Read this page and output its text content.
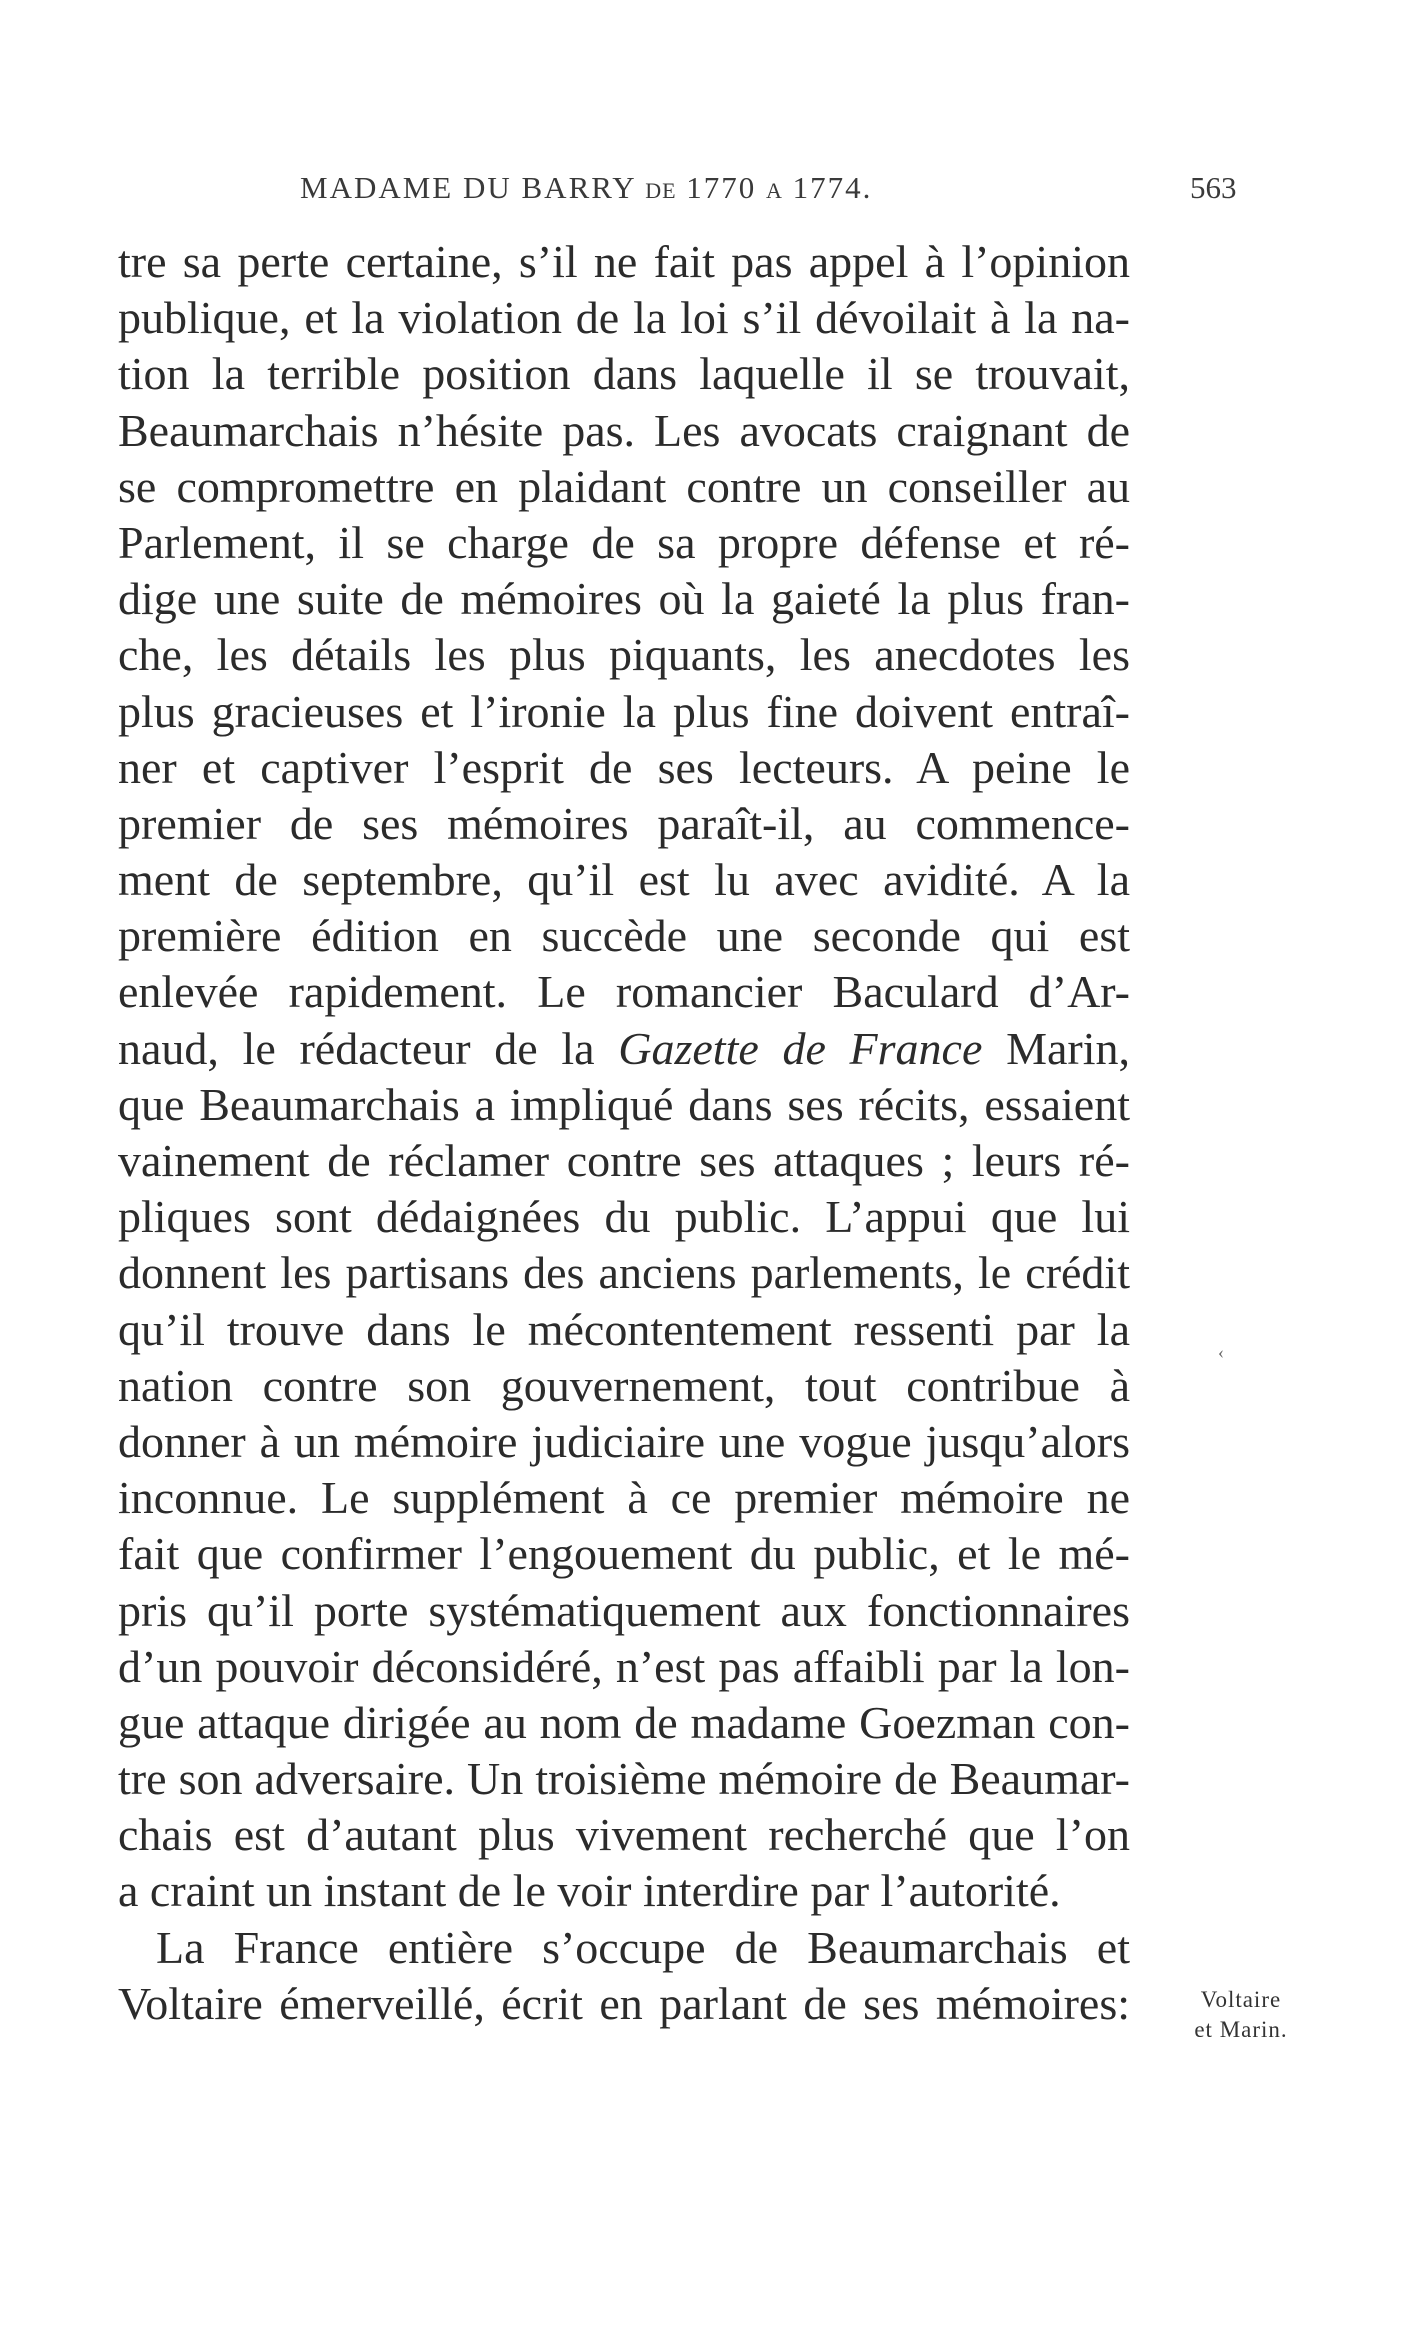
MADAME DU BARRY DE 1770 A 1774.	563
tre sa perte certaine, s’il ne fait pas appel à l’opinion
publique, et la violation de la loi s’il dévoilait à la na-
tion la terrible position dans laquelle il se trouvait,
Beaumarchais n’hésite pas. Les avocats craignant de
se compromettre en plaidant contre un conseiller au
Parlement, il se charge de sa propre défense et ré-
dige une suite de mémoires où la gaieté la plus fran-
che, les détails les plus piquants, les anecdotes les
plus gracieuses et l’ironie la plus fine doivent entraî-
ner et captiver l’esprit de ses lecteurs. A peine le
premier de ses mémoires paraît-il, au commence-
ment de septembre, qu’il est lu avec avidité. A la
première édition en succède une seconde qui est
enlevée rapidement. Le romancier Baculard d’Ar-
naud, le rédacteur de la Gazette de France Marin,
que Beaumarchais a impliqué dans ses récits, essaient
vainement de réclamer contre ses attaques ; leurs ré-
pliques sont dédaignées du public. L’appui que lui
donnent les partisans des anciens parlements, le crédit
qu’il trouve dans le mécontentement ressenti par la
nation contre son gouvernement, tout contribue à
donner à un mémoire judiciaire une vogue jusqu’alors
inconnue. Le supplément à ce premier mémoire ne
fait que confirmer l’engouement du public, et le mé-
pris qu’il porte systématiquement aux fonctionnaires
d’un pouvoir déconsidéré, n’est pas affaibli par la lon-
gue attaque dirigée au nom de madame Goezman con-
tre son adversaire. Un troisième mémoire de Beaumar-
chais est d’autant plus vivement recherché que l’on
a craint un instant de le voir interdire par l’autorité.
La France entière s’occupe de Beaumarchais et
Voltaire émerveillé, écrit en parlant de ses mémoires:
‹
Voltaire
et Marin.
